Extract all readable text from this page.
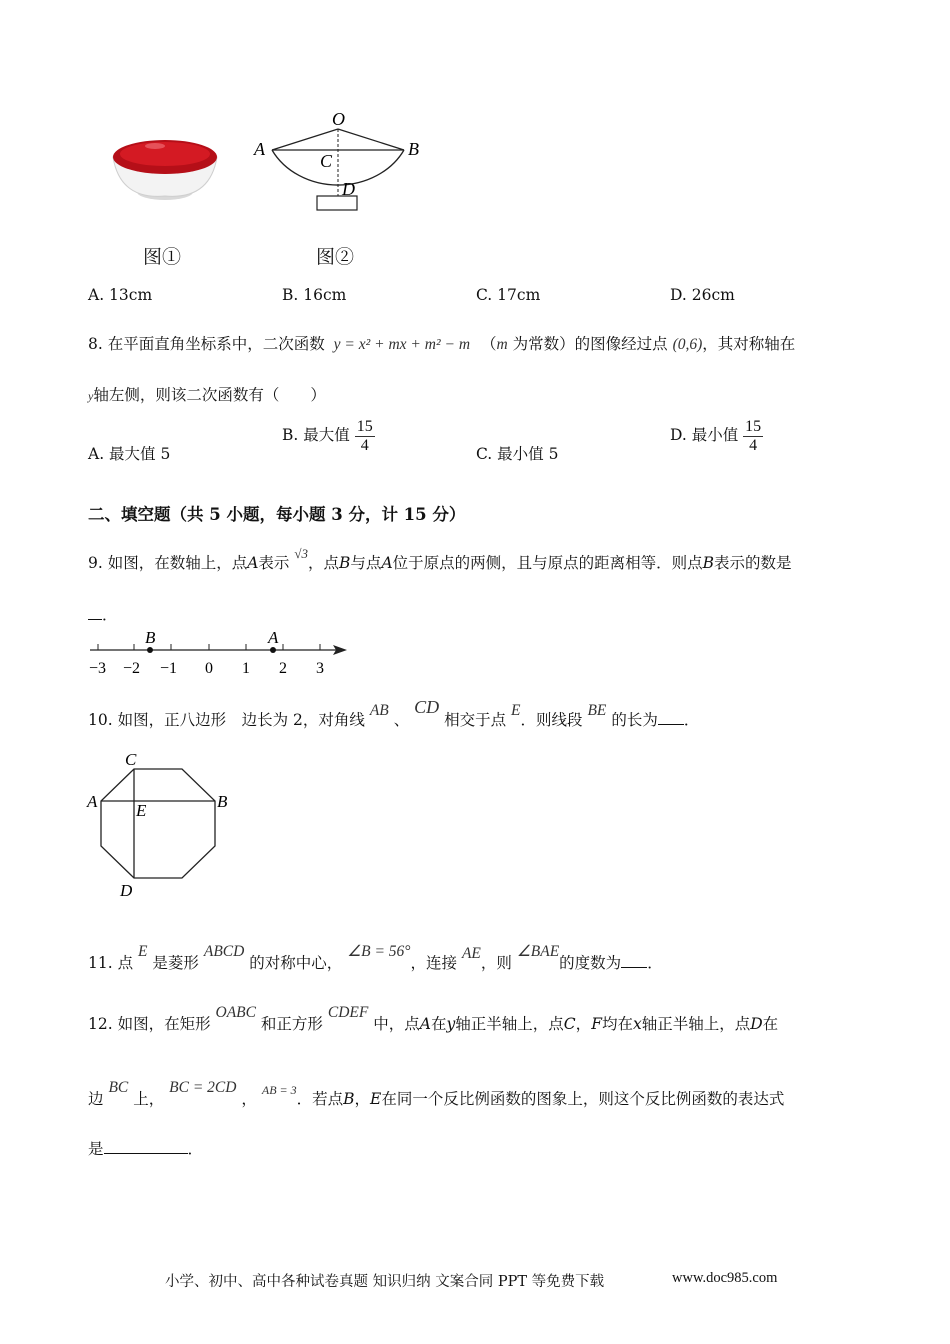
O
A	B
C
D
图①	图②
A. 13cm	B. 16cm	C. 17cm	D. 26cm
8. 在平面直角坐标系中，二次函数 y = x² + mx + m² − m （m 为常数）的图像经过点 (0,6)，其对称轴在
y轴左侧，则该二次函数有（　　）
A. 最大值 5
B. 最大值 $\frac{15}{4}$	C. 最小值 5
D. 最小值 $\frac{15}{4}$
二、填空题（共 5 小题，每小题 3 分，计 15 分）
9. 如图，在数轴上，点A表示 $^{√3}$，点B与点A位于原点的两侧，且与原点的距离相等．则点B表示的数是
．
B	A
−3 −2 −1 0 1 2 3
10. 如图，正八边形　边长为 2，对角线 AB 、 CD 相交于点 E．则线段 BE 的长为 ．
C
A	B
E
D
11. 点 E 是菱形 ABCD 的对称中心， ∠B = 56°，连接 AE，则 ∠BAE的度数为 ．
12. 如图，在矩形 OABC 和正方形 CDEF 中，点A在y轴正半轴上，点C，F均在x轴正半轴上，点D在
边 BC 上， BC = 2CD ， $^{AB = 3}$．若点B，E在同一个反比例函数的图象上，则这个反比例函数的表达式
是	．
小学、初中、高中各种试卷真题 知识归纳 文案合同 PPT 等免费下载	www.doc985.com
